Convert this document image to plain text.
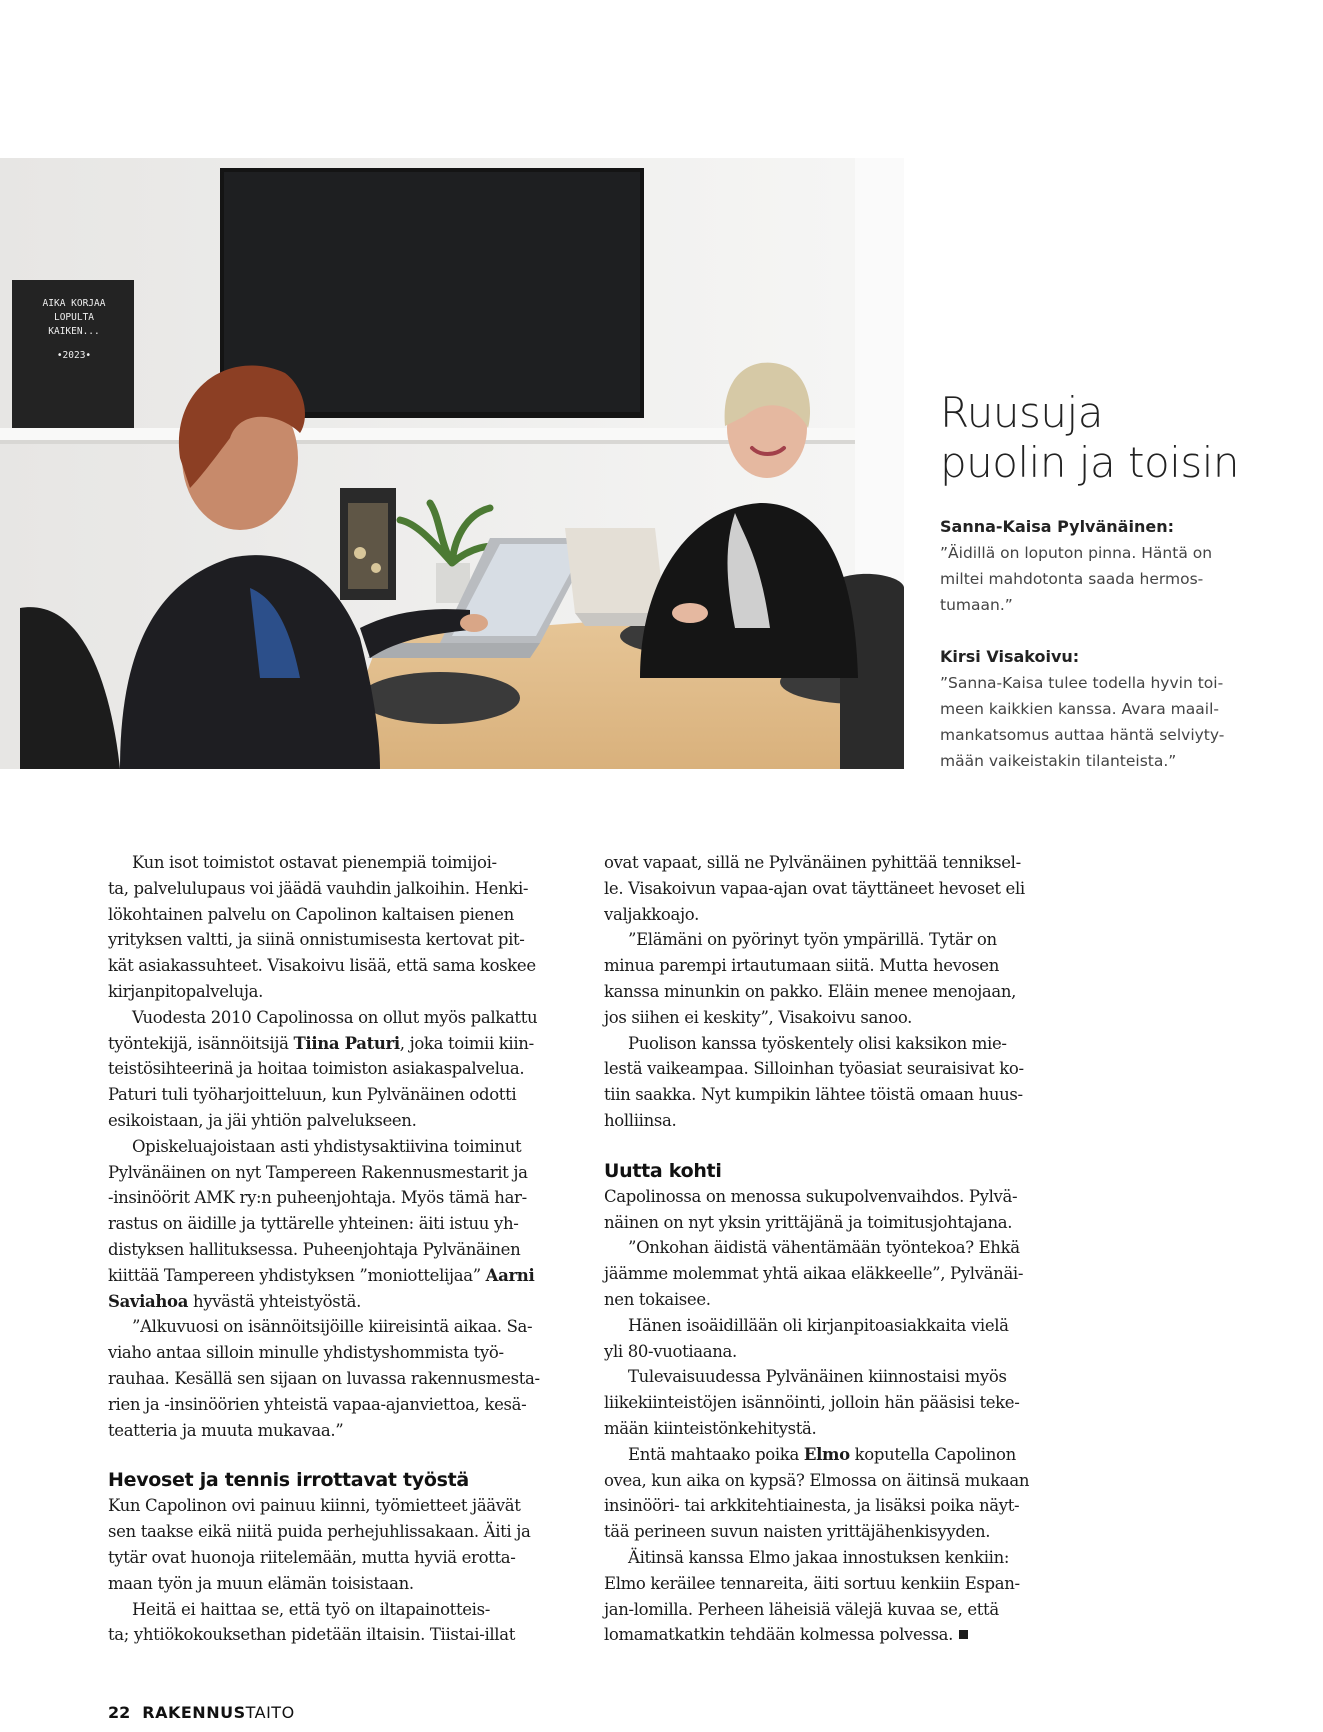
AIKA KORJAA
LOPULTA
KAIKEN...
•2023•
Ruusuja
puolin ja toisin
Sanna-Kaisa Pylvänäinen:
”Äidillä on loputon pinna. Häntä on
miltei mahdotonta saada hermos-
tumaan.”
Kirsi Visakoivu:
”Sanna-Kaisa tulee todella hyvin toi-
meen kaikkien kanssa. Avara maail-
mankatsomus auttaa häntä selviyty-
mään vaikeistakin tilanteista.”
Kun isot toimistot ostavat pienempiä toimijoi-
ta, palvelulupaus voi jäädä vauhdin jalkoihin. Henki-
lökohtainen palvelu on Capolinon kaltaisen pienen
yrityksen valtti, ja siinä onnistumisesta kertovat pit-
kät asiakassuhteet. Visakoivu lisää, että sama koskee
kirjanpitopalveluja.
Vuodesta 2010 Capolinossa on ollut myös palkattu
työntekijä, isännöitsijä Tiina Paturi, joka toimii kiin-
teistösihteerinä ja hoitaa toimiston asiakaspalvelua.
Paturi tuli työharjoitteluun, kun Pylvänäinen odotti
esikoistaan, ja jäi yhtiön palvelukseen.
Opiskeluajoistaan asti yhdistysaktiivina toiminut
Pylvänäinen on nyt Tampereen Rakennusmestarit ja
-insinöörit AMK ry:n puheenjohtaja. Myös tämä har-
rastus on äidille ja tyttärelle yhteinen: äiti istuu yh-
distyksen hallituksessa. Puheenjohtaja Pylvänäinen
kiittää Tampereen yhdistyksen ”moniottelijaa” Aarni
Saviahoa hyvästä yhteistyöstä.
”Alkuvuosi on isännöitsijöille kiireisintä aikaa. Sa-
viaho antaa silloin minulle yhdistyshommista työ-
rauhaa. Kesällä sen sijaan on luvassa rakennusmesta-
rien ja -insinöörien yhteistä vapaa-ajanviettoa, kesä-
teatteria ja muuta mukavaa.”
Hevoset ja tennis irrottavat työstä
Kun Capolinon ovi painuu kiinni, työmietteet jäävät
sen taakse eikä niitä puida perhejuhlissakaan. Äiti ja
tytär ovat huonoja riitelemään, mutta hyviä erotta-
maan työn ja muun elämän toisistaan.
Heitä ei haittaa se, että työ on iltapainotteis-
ta; yhtiökokouksethan pidetään iltaisin. Tiistai-illat
ovat vapaat, sillä ne Pylvänäinen pyhittää tenniksel-
le. Visakoivun vapaa-ajan ovat täyttäneet hevoset eli
valjakkoajo.
”Elämäni on pyörinyt työn ympärillä. Tytär on
minua parempi irtautumaan siitä. Mutta hevosen
kanssa minunkin on pakko. Eläin menee menojaan,
jos siihen ei keskity”, Visakoivu sanoo.
Puolison kanssa työskentely olisi kaksikon mie-
lestä vaikeampaa. Silloinhan työasiat seuraisivat ko-
tiin saakka. Nyt kumpikin lähtee töistä omaan huus-
holliinsa.
Uutta kohti
Capolinossa on menossa sukupolvenvaihdos. Pylvä-
näinen on nyt yksin yrittäjänä ja toimitusjohtajana.
”Onkohan äidistä vähentämään työntekoa? Ehkä
jäämme molemmat yhtä aikaa eläkkeelle”, Pylvänäi-
nen tokaisee.
Hänen isoäidillään oli kirjanpitoasiakkaita vielä
yli 80-vuotiaana.
Tulevaisuudessa Pylvänäinen kiinnostaisi myös
liikekiinteistöjen isännöinti, jolloin hän pääsisi teke-
mään kiinteistönkehitystä.
Entä mahtaako poika Elmo koputella Capolinon
ovea, kun aika on kypsä? Elmossa on äitinsä mukaan
insinööri- tai arkkitehtiainesta, ja lisäksi poika näyt-
tää perineen suvun naisten yrittäjähenkisyyden.
Äitinsä kanssa Elmo jakaa innostuksen kenkiin:
Elmo keräilee tennareita, äiti sortuu kenkiin Espan-
jan-lomilla. Perheen läheisiä välejä kuvaa se, että
lomamatkatkin tehdään kolmessa polvessa.
22 RAKENNUSTAITO
